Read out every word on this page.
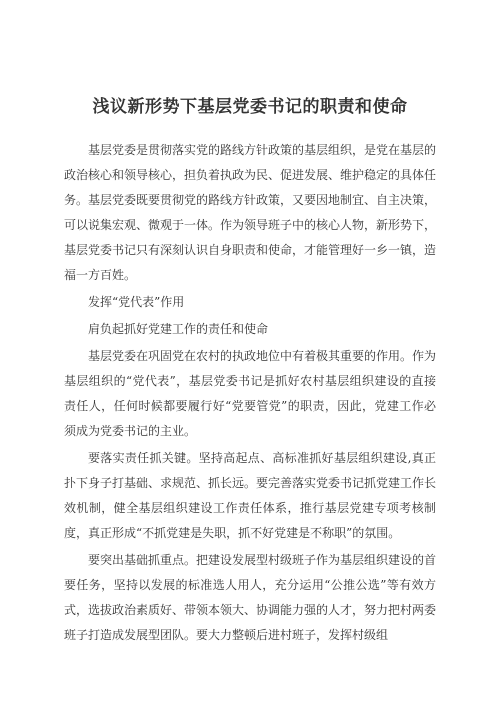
浅议新形势下基层党委书记的职责和使命

基层党委是贯彻落实党的路线方针政策的基层组织，是党在基层的政治核心和领导核心，担负着执政为民、促进发展、维护稳定的具体任务。基层党委既要贯彻党的路线方针政策，又要因地制宜、自主决策，可以说集宏观、微观于一体。作为领导班子中的核心人物，新形势下，基层党委书记只有深刻认识自身职责和使命，才能管理好一乡一镇，造福一方百姓。

发挥“党代表”作用

肩负起抓好党建工作的责任和使命

基层党委在巩固党在农村的执政地位中有着极其重要的作用。作为基层组织的“党代表”，基层党委书记是抓好农村基层组织建设的直接责任人，任何时候都要履行好“党要管党”的职责，因此，党建工作必须成为党委书记的主业。

要落实责任抓关键。坚持高起点、高标准抓好基层组织建设,真正扑下身子打基础、求规范、抓长远。要完善落实党委书记抓党建工作长效机制，健全基层组织建设工作责任体系，推行基层党建专项考核制度，真正形成“不抓党建是失职，抓不好党建是不称职”的氛围。

要突出基础抓重点。把建设发展型村级班子作为基层组织建设的首要任务，坚持以发展的标准选人用人，充分运用“公推公选”等有效方式，选拔政治素质好、带领本领大、协调能力强的人才，努力把村两委班子打造成发展型团队。要大力整顿后进村班子，发挥村级组
